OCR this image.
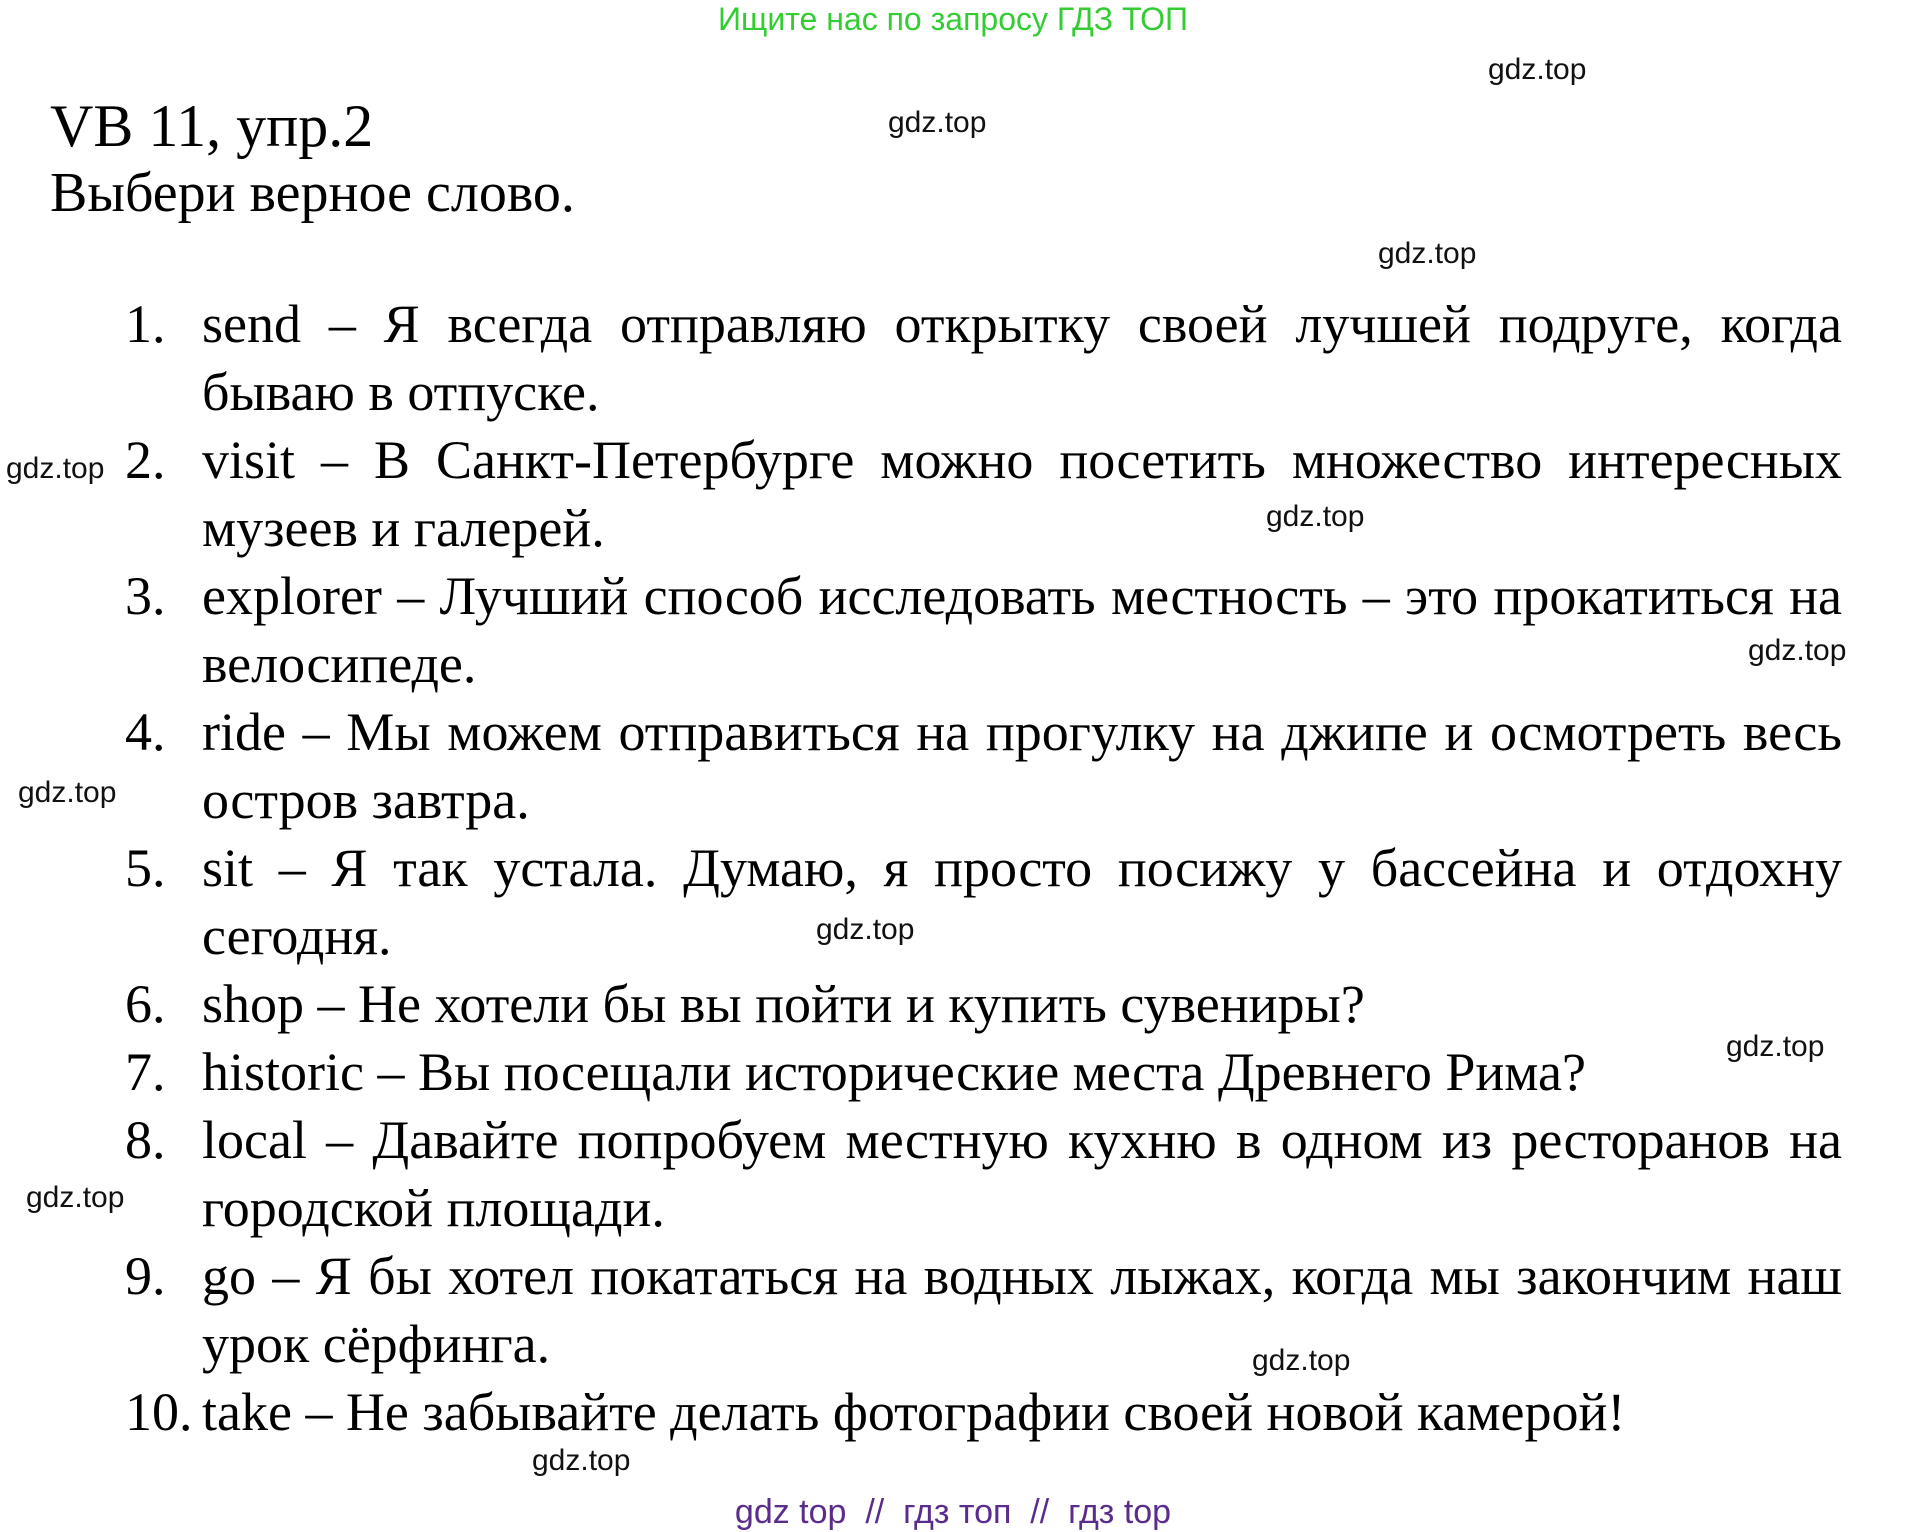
Ищите нас по запросу ГДЗ ТОП
VB 11, упр.2
Выбери верное слово.
1. send – Я всегда отправляю открытку своей лучшей подруге, когда бываю в отпуске.
2. visit – В Санкт-Петербурге можно посетить множество интересных музеев и галерей.
3. explorer – Лучший способ исследовать местность – это прокатиться на велосипеде.
4. ride – Мы можем отправиться на прогулку на джипе и осмотреть весь остров завтра.
5. sit – Я так устала. Думаю, я просто посижу у бассейна и отдохну сегодня.
6. shop – Не хотели бы вы пойти и купить сувениры?
7. historic – Вы посещали исторические места Древнего Рима?
8. local – Давайте попробуем местную кухню в одном из ресторанов на городской площади.
9. go – Я бы хотел покататься на водных лыжах, когда мы закончим наш урок сёрфинга.
10. take – Не забывайте делать фотографии своей новой камерой!
gdz.top
gdz.top
gdz.top
gdz.top
gdz.top
gdz.top
gdz.top
gdz.top
gdz.top
gdz.top
gdz.top
gdz.top
gdz top  //  гдз топ  //  гдз top
